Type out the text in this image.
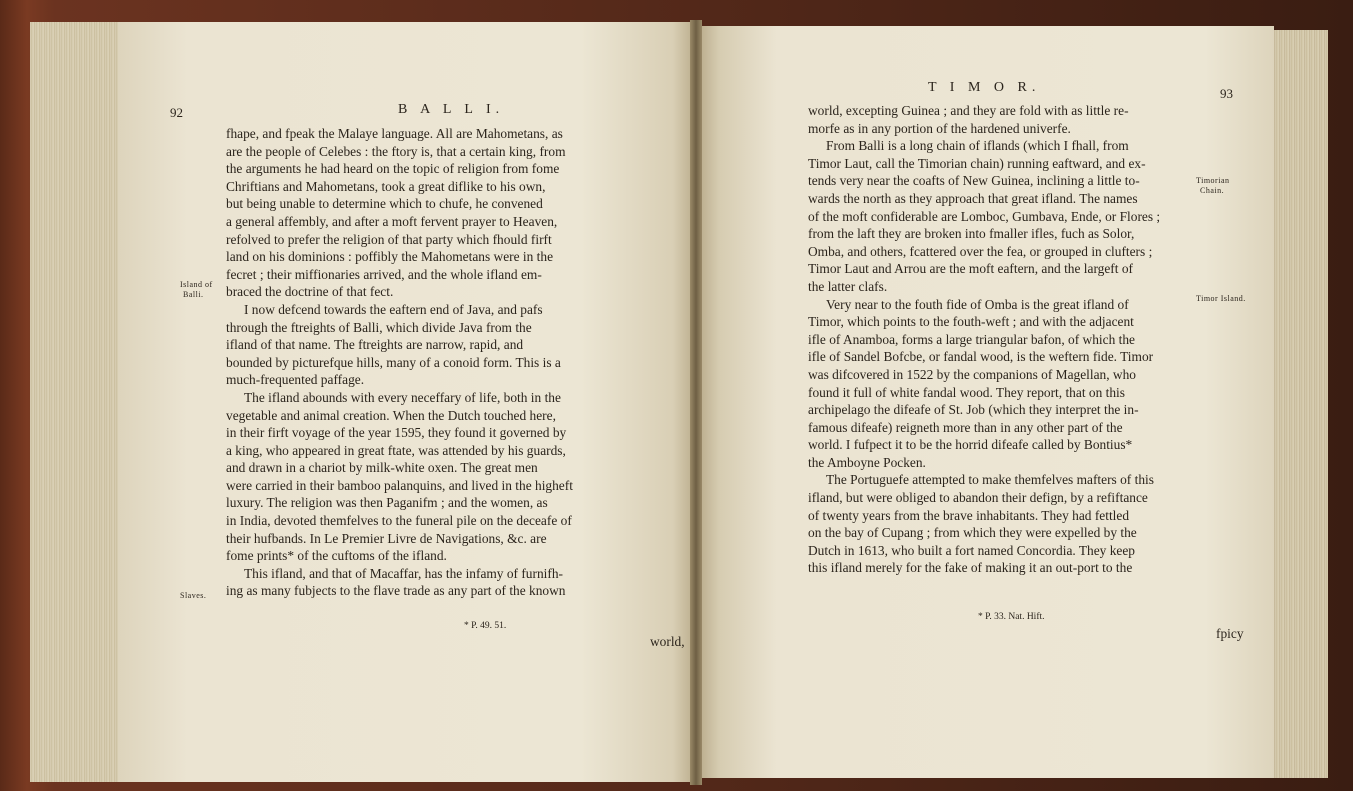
92	B A L L I.
fhape, and fpeak the Malaye language. All are Mahometans, as
are the people of Celebes : the ftory is, that a certain king, from
the arguments he had heard on the topic of religion from fome
Chriftians and Mahometans, took a great diflike to his own,
but being unable to determine which to chufe, he convened
a general affembly, and after a moft fervent prayer to Heaven,
refolved to prefer the religion of that party which fhould firft
land on his dominions : poffibly the Mahometans were in the
fecret ; their miffionaries arrived, and the whole ifland em-
braced the doctrine of that fect.
I now defcend towards the eaftern end of Java, and pafs
through the ftreights of Balli, which divide Java from the
ifland of that name. The ftreights are narrow, rapid, and
bounded by picturefque hills, many of a conoid form. This is a
much-frequented paffage.
The ifland abounds with every neceffary of life, both in the
vegetable and animal creation. When the Dutch touched here,
in their firft voyage of the year 1595, they found it governed by
a king, who appeared in great ftate, was attended by his guards,
and drawn in a chariot by milk-white oxen. The great men
were carried in their bamboo palanquins, and lived in the higheft
luxury. The religion was then Paganifm ; and the women, as
in India, devoted themfelves to the funeral pile on the deceafe of
their hufbands. In Le Premier Livre de Navigations, &c. are
fome prints* of the cuftoms of the ifland.
This ifland, and that of Macaffar, has the infamy of furnifh-
ing as many fubjects to the flave trade as any part of the known
Island of
Balli.
Slaves.
* P. 49. 51.
world,
T I M O R.	93
world, excepting Guinea ; and they are fold with as little re-
morfe as in any portion of the hardened univerfe.
From Balli is a long chain of iflands (which I fhall, from
Timor Laut, call the Timorian chain) running eaftward, and ex-
tends very near the coafts of New Guinea, inclining a little to-
wards the north as they approach that great ifland. The names
of the moft confiderable are Lomboc, Gumbava, Ende, or Flores ;
from the laft they are broken into fmaller ifles, fuch as Solor,
Omba, and others, fcattered over the fea, or grouped in clufters ;
Timor Laut and Arrou are the moft eaftern, and the largeft of
the latter clafs.
Very near to the fouth fide of Omba is the great ifland of
Timor, which points to the fouth-weft ; and with the adjacent
ifle of Anamboa, forms a large triangular bafon, of which the
ifle of Sandel Bofcbe, or fandal wood, is the weftern fide. Timor
was difcovered in 1522 by the companions of Magellan, who
found it full of white fandal wood. They report, that on this
archipelago the difeafe of St. Job (which they interpret the in-
famous difeafe) reigneth more than in any other part of the
world. I fufpect it to be the horrid difeafe called by Bontius*
the Amboyne Pocken.
The Portuguefe attempted to make themfelves mafters of this
ifland, but were obliged to abandon their defign, by a refiftance
of twenty years from the brave inhabitants. They had fettled
on the bay of Cupang ; from which they were expelled by the
Dutch in 1613, who built a fort named Concordia. They keep
this ifland merely for the fake of making it an out-port to the
Timorian
Chain.
Timor Island.
* P. 33. Nat. Hift.
fpicy
